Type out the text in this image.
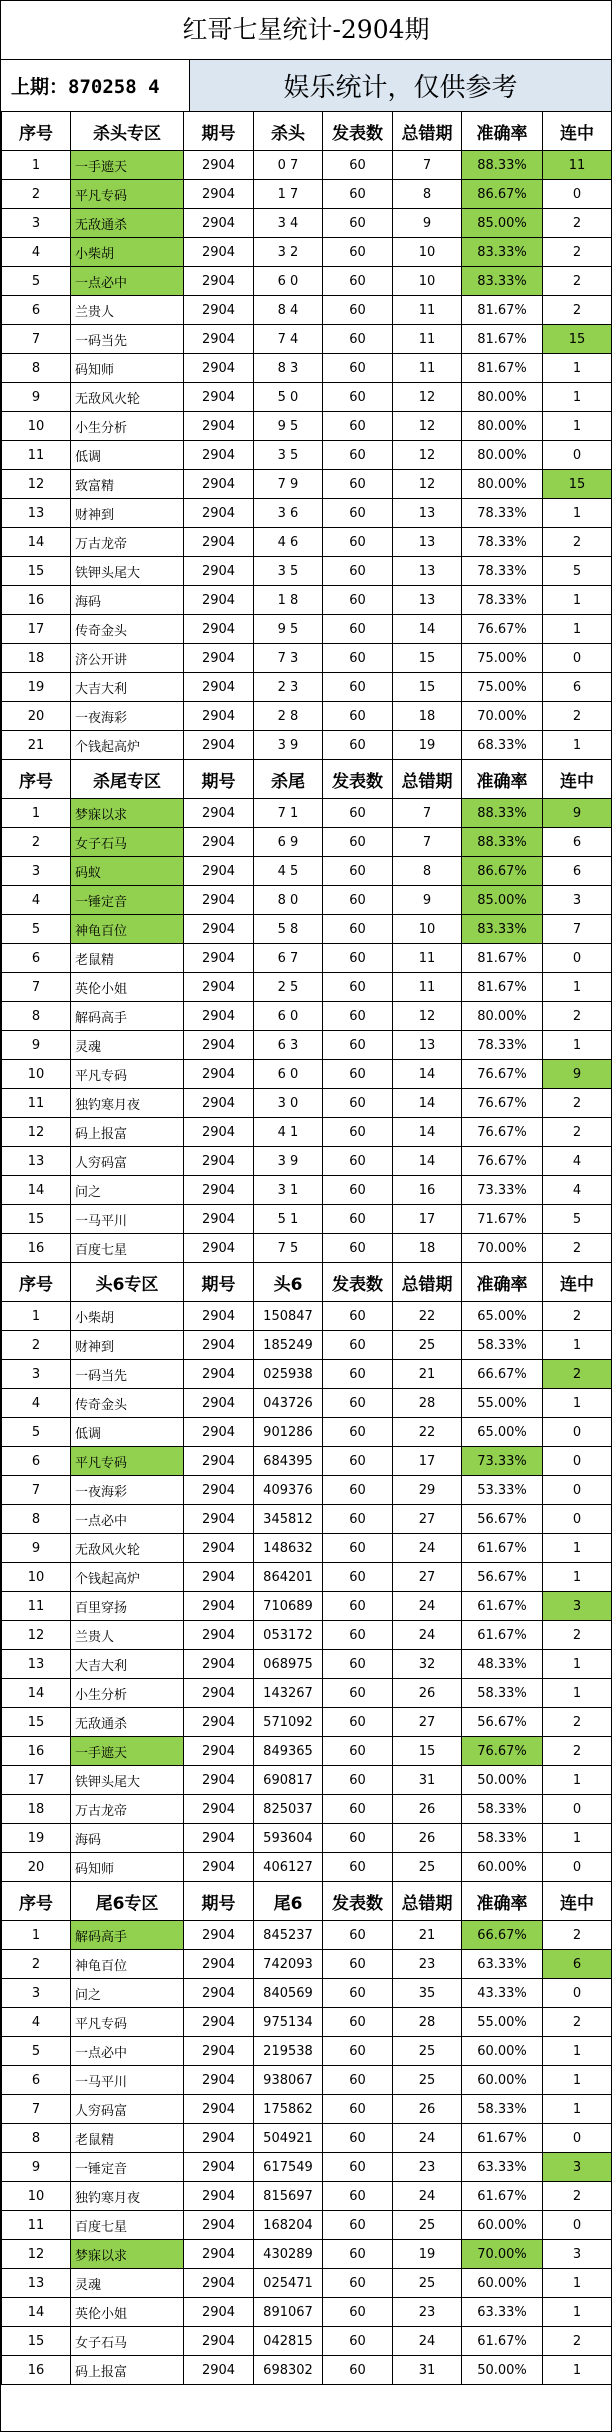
红哥七星统计-2904期
上期：870258 4	娱乐统计，仅供参考
序号	杀头专区	期号	杀头	发表数	总错期	准确率	连中
1	一手遮天	2904	0 7	60	7	88.33%	11
2	平凡专码	2904	1 7	60	8	86.67%	0
3	无敌通杀	2904	3 4	60	9	85.00%	2
4	小柴胡	2904	3 2	60	10	83.33%	2
5	一点必中	2904	6 0	60	10	83.33%	2
6	兰贵人	2904	8 4	60	11	81.67%	2
7	一码当先	2904	7 4	60	11	81.67%	15
8	码知师	2904	8 3	60	11	81.67%	1
9	无敌风火轮	2904	5 0	60	12	80.00%	1
10	小生分析	2904	9 5	60	12	80.00%	1
11	低调	2904	3 5	60	12	80.00%	0
12	致富精	2904	7 9	60	12	80.00%	15
13	财神到	2904	3 6	60	13	78.33%	1
14	万古龙帝	2904	4 6	60	13	78.33%	2
15	铁钾头尾大	2904	3 5	60	13	78.33%	5
16	海码	2904	1 8	60	13	78.33%	1
17	传奇金头	2904	9 5	60	14	76.67%	1
18	济公开讲	2904	7 3	60	15	75.00%	0
19	大吉大利	2904	2 3	60	15	75.00%	6
20	一夜海彩	2904	2 8	60	18	70.00%	2
21	个钱起高炉	2904	3 9	60	19	68.33%	1
序号	杀尾专区	期号	杀尾	发表数	总错期	准确率	连中
1	梦寐以求	2904	7 1	60	7	88.33%	9
2	女子石马	2904	6 9	60	7	88.33%	6
3	码蚁	2904	4 5	60	8	86.67%	6
4	一锤定音	2904	8 0	60	9	85.00%	3
5	神龟百位	2904	5 8	60	10	83.33%	7
6	老鼠精	2904	6 7	60	11	81.67%	0
7	英伦小姐	2904	2 5	60	11	81.67%	1
8	解码高手	2904	6 0	60	12	80.00%	2
9	灵魂	2904	6 3	60	13	78.33%	1
10	平凡专码	2904	6 0	60	14	76.67%	9
11	独钓寒月夜	2904	3 0	60	14	76.67%	2
12	码上报富	2904	4 1	60	14	76.67%	2
13	人穷码富	2904	3 9	60	14	76.67%	4
14	问之	2904	3 1	60	16	73.33%	4
15	一马平川	2904	5 1	60	17	71.67%	5
16	百度七星	2904	7 5	60	18	70.00%	2
序号	头6专区	期号	头6	发表数	总错期	准确率	连中
1	小柴胡	2904	150847	60	22	65.00%	2
2	财神到	2904	185249	60	25	58.33%	1
3	一码当先	2904	025938	60	21	66.67%	2
4	传奇金头	2904	043726	60	28	55.00%	1
5	低调	2904	901286	60	22	65.00%	0
6	平凡专码	2904	684395	60	17	73.33%	0
7	一夜海彩	2904	409376	60	29	53.33%	0
8	一点必中	2904	345812	60	27	56.67%	0
9	无敌风火轮	2904	148632	60	24	61.67%	1
10	个钱起高炉	2904	864201	60	27	56.67%	1
11	百里穿扬	2904	710689	60	24	61.67%	3
12	兰贵人	2904	053172	60	24	61.67%	2
13	大吉大利	2904	068975	60	32	48.33%	1
14	小生分析	2904	143267	60	26	58.33%	1
15	无敌通杀	2904	571092	60	27	56.67%	2
16	一手遮天	2904	849365	60	15	76.67%	2
17	铁钾头尾大	2904	690817	60	31	50.00%	1
18	万古龙帝	2904	825037	60	26	58.33%	0
19	海码	2904	593604	60	26	58.33%	1
20	码知师	2904	406127	60	25	60.00%	0
序号	尾6专区	期号	尾6	发表数	总错期	准确率	连中
1	解码高手	2904	845237	60	21	66.67%	2
2	神龟百位	2904	742093	60	23	63.33%	6
3	问之	2904	840569	60	35	43.33%	0
4	平凡专码	2904	975134	60	28	55.00%	2
5	一点必中	2904	219538	60	25	60.00%	1
6	一马平川	2904	938067	60	25	60.00%	1
7	人穷码富	2904	175862	60	26	58.33%	1
8	老鼠精	2904	504921	60	24	61.67%	0
9	一锤定音	2904	617549	60	23	63.33%	3
10	独钓寒月夜	2904	815697	60	24	61.67%	2
11	百度七星	2904	168204	60	25	60.00%	0
12	梦寐以求	2904	430289	60	19	70.00%	3
13	灵魂	2904	025471	60	25	60.00%	1
14	英伦小姐	2904	891067	60	23	63.33%	1
15	女子石马	2904	042815	60	24	61.67%	2
16	码上报富	2904	698302	60	31	50.00%	1
